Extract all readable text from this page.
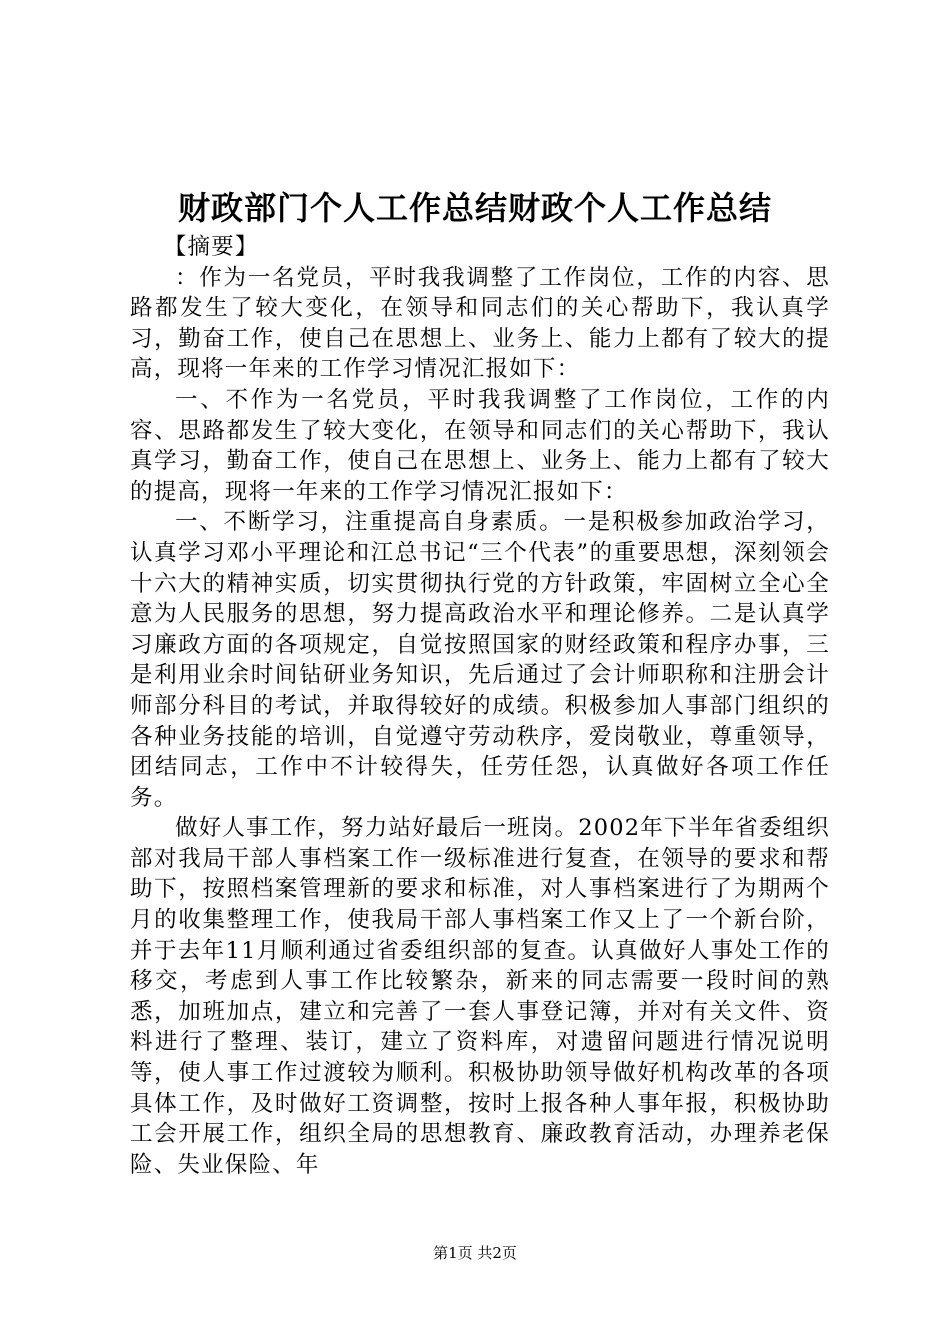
财政部门个人工作总结财政个人工作总结

【摘要】

：作为一名党员，平时我我调整了工作岗位，工作的内容、思路都发生了较大变化，在领导和同志们的关心帮助下，我认真学习，勤奋工作，使自己在思想上、业务上、能力上都有了较大的提高，现将一年来的工作学习情况汇报如下：

一、不作为一名党员，平时我我调整了工作岗位，工作的内容、思路都发生了较大变化，在领导和同志们的关心帮助下，我认真学习，勤奋工作，使自己在思想上、业务上、能力上都有了较大的提高，现将一年来的工作学习情况汇报如下：

一、不断学习，注重提高自身素质。一是积极参加政治学习，认真学习邓小平理论和江总书记“三个代表”的重要思想，深刻领会十六大的精神实质，切实贯彻执行党的方针政策，牢固树立全心全意为人民服务的思想，努力提高政治水平和理论修养。二是认真学习廉政方面的各项规定，自觉按照国家的财经政策和程序办事，三是利用业余时间钻研业务知识，先后通过了会计师职称和注册会计师部分科目的考试，并取得较好的成绩。积极参加人事部门组织的各种业务技能的培训，自觉遵守劳动秩序，爱岗敬业，尊重领导，团结同志，工作中不计较得失，任劳任怨，认真做好各项工作任务。

做好人事工作，努力站好最后一班岗。2002年下半年省委组织部对我局干部人事档案工作一级标准进行复查，在领导的要求和帮助下，按照档案管理新的要求和标准，对人事档案进行了为期两个月的收集整理工作，使我局干部人事档案工作又上了一个新台阶，并于去年11月顺利通过省委组织部的复查。认真做好人事处工作的移交，考虑到人事工作比较繁杂，新来的同志需要一段时间的熟悉，加班加点，建立和完善了一套人事登记簿，并对有关文件、资料进行了整理、装订，建立了资料库，对遗留问题进行情况说明等，使人事工作过渡较为顺利。积极协助领导做好机构改革的各项具体工作，及时做好工资调整，按时上报各种人事年报，积极协助工会开展工作，组织全局的思想教育、廉政教育活动，办理养老保险、失业保险、年

第1页 共2页
